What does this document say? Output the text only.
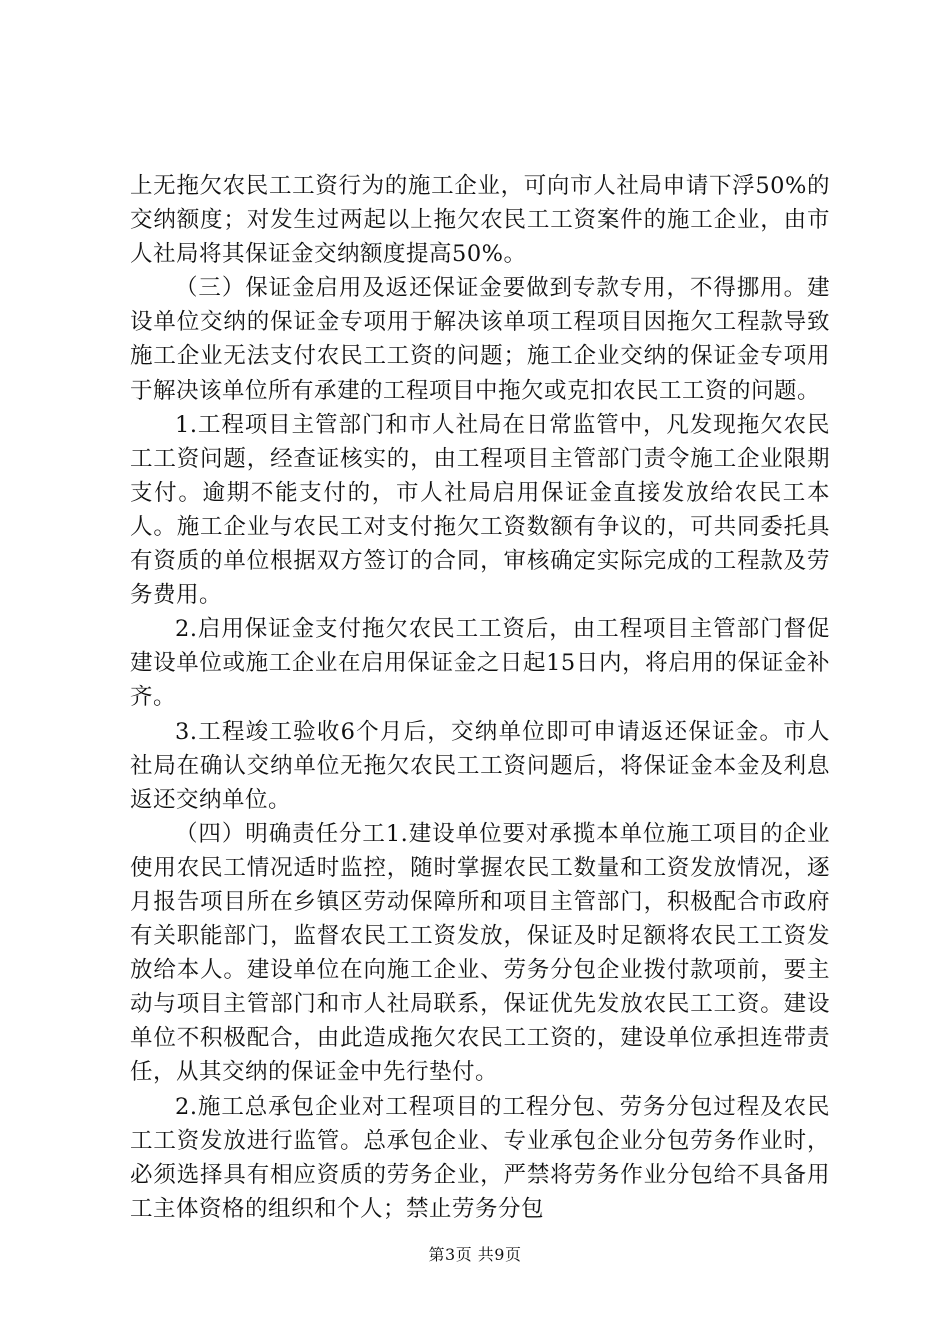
上无拖欠农民工工资行为的施工企业，可向市人社局申请下浮50%的交纳额度；对发生过两起以上拖欠农民工工资案件的施工企业，由市人社局将其保证金交纳额度提高50%。

（三）保证金启用及返还保证金要做到专款专用，不得挪用。建设单位交纳的保证金专项用于解决该单项工程项目因拖欠工程款导致施工企业无法支付农民工工资的问题；施工企业交纳的保证金专项用于解决该单位所有承建的工程项目中拖欠或克扣农民工工资的问题。

1.工程项目主管部门和市人社局在日常监管中，凡发现拖欠农民工工资问题，经查证核实的，由工程项目主管部门责令施工企业限期支付。逾期不能支付的，市人社局启用保证金直接发放给农民工本人。施工企业与农民工对支付拖欠工资数额有争议的，可共同委托具有资质的单位根据双方签订的合同，审核确定实际完成的工程款及劳务费用。

2.启用保证金支付拖欠农民工工资后，由工程项目主管部门督促建设单位或施工企业在启用保证金之日起15日内，将启用的保证金补齐。

3.工程竣工验收6个月后，交纳单位即可申请返还保证金。市人社局在确认交纳单位无拖欠农民工工资问题后，将保证金本金及利息返还交纳单位。

（四）明确责任分工1.建设单位要对承揽本单位施工项目的企业使用农民工情况适时监控，随时掌握农民工数量和工资发放情况，逐月报告项目所在乡镇区劳动保障所和项目主管部门，积极配合市政府有关职能部门，监督农民工工资发放，保证及时足额将农民工工资发放给本人。建设单位在向施工企业、劳务分包企业拨付款项前，要主动与项目主管部门和市人社局联系，保证优先发放农民工工资。建设单位不积极配合，由此造成拖欠农民工工资的，建设单位承担连带责任，从其交纳的保证金中先行垫付。

2.施工总承包企业对工程项目的工程分包、劳务分包过程及农民工工资发放进行监管。总承包企业、专业承包企业分包劳务作业时，必须选择具有相应资质的劳务企业，严禁将劳务作业分包给不具备用工主体资格的组织和个人；禁止劳务分包

第3页 共9页
